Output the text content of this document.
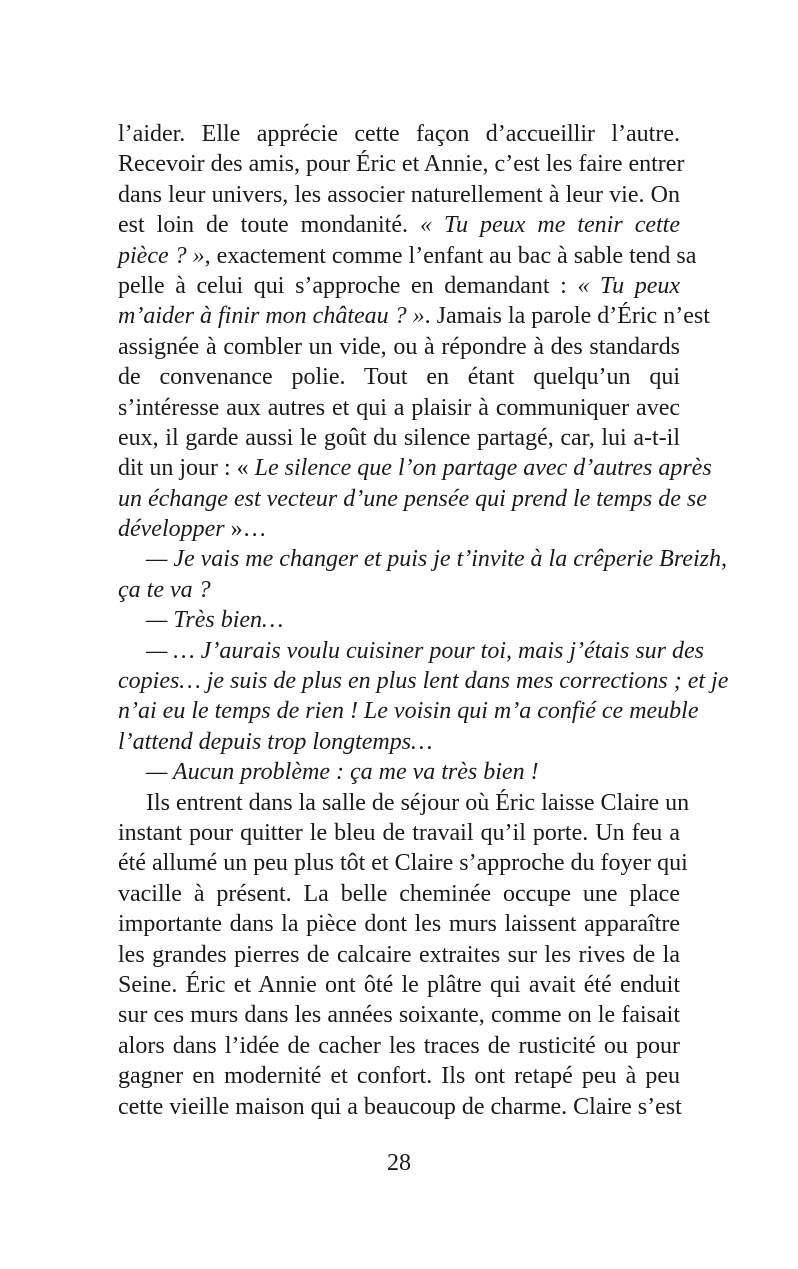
l’aider. Elle apprécie cette façon d’accueillir l’autre.
Recevoir des amis, pour Éric et Annie, c’est les faire entrer
dans leur univers, les associer naturellement à leur vie. On
est loin de toute mondanité. « Tu peux me tenir cette
pièce ? », exactement comme l’enfant au bac à sable tend sa
pelle à celui qui s’approche en demandant : « Tu peux
m’aider à finir mon château ? ». Jamais la parole d’Éric n’est
assignée à combler un vide, ou à répondre à des standards
de convenance polie. Tout en étant quelqu’un qui
s’intéresse aux autres et qui a plaisir à communiquer avec
eux, il garde aussi le goût du silence partagé, car, lui a-t-il
dit un jour : « Le silence que l’on partage avec d’autres après
un échange est vecteur d’une pensée qui prend le temps de se
développer »…
— Je vais me changer et puis je t’invite à la crêperie Breizh,
ça te va ?
— Très bien…
— … J’aurais voulu cuisiner pour toi, mais j’étais sur des
copies… je suis de plus en plus lent dans mes corrections ; et je
n’ai eu le temps de rien ! Le voisin qui m’a confié ce meuble
l’attend depuis trop longtemps…
— Aucun problème : ça me va très bien !
Ils entrent dans la salle de séjour où Éric laisse Claire un
instant pour quitter le bleu de travail qu’il porte. Un feu a
été allumé un peu plus tôt et Claire s’approche du foyer qui
vacille à présent. La belle cheminée occupe une place
importante dans la pièce dont les murs laissent apparaître
les grandes pierres de calcaire extraites sur les rives de la
Seine. Éric et Annie ont ôté le plâtre qui avait été enduit
sur ces murs dans les années soixante, comme on le faisait
alors dans l’idée de cacher les traces de rusticité ou pour
gagner en modernité et confort. Ils ont retapé peu à peu
cette vieille maison qui a beaucoup de charme. Claire s’est
28
